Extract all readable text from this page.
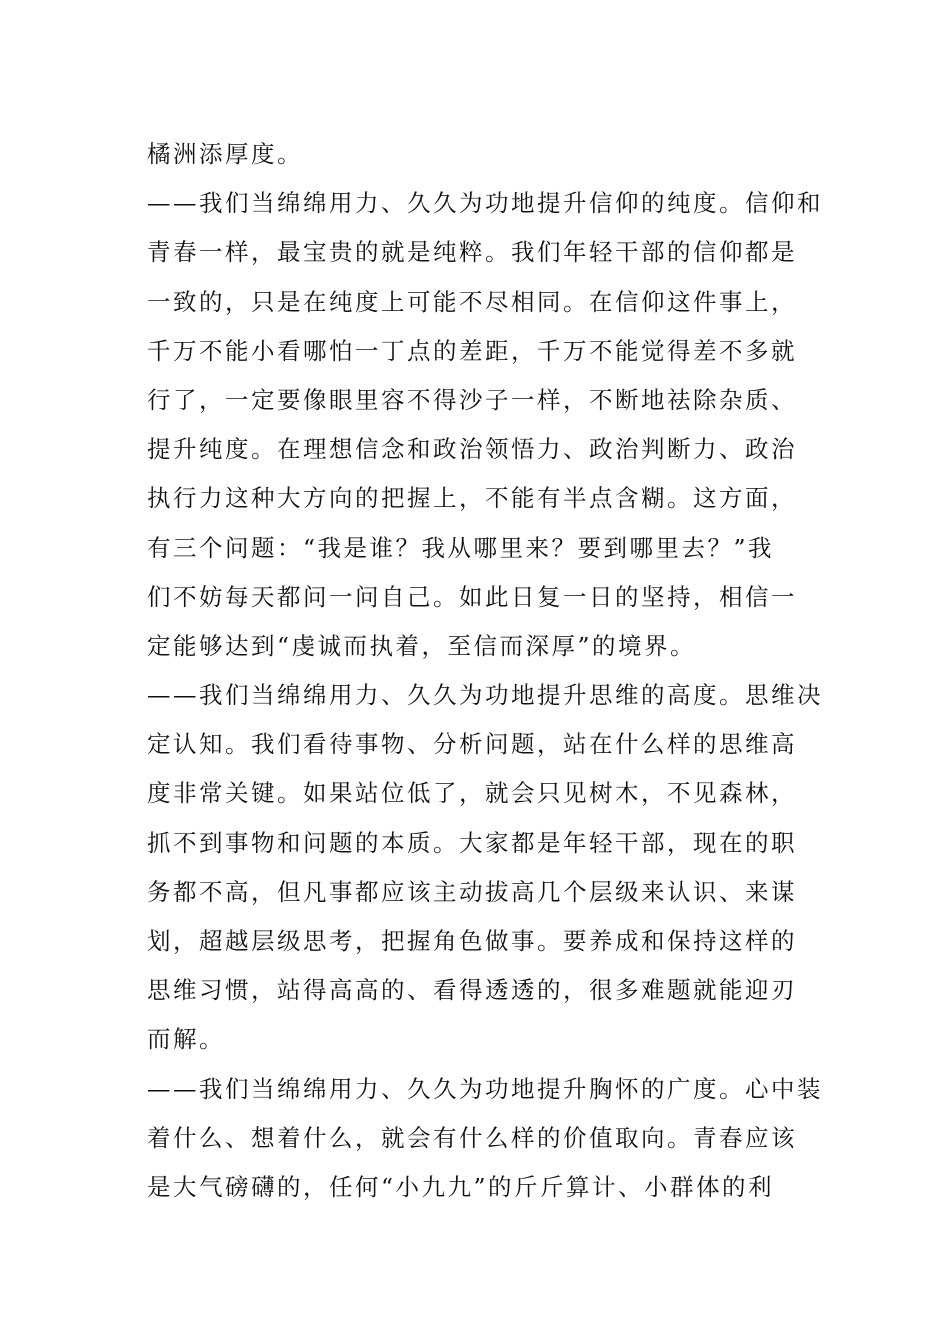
橘洲添厚度。
——我们当绵绵用力、久久为功地提升信仰的纯度。信仰和
青春一样，最宝贵的就是纯粹。我们年轻干部的信仰都是
一致的，只是在纯度上可能不尽相同。在信仰这件事上，
千万不能小看哪怕一丁点的差距，千万不能觉得差不多就
行了，一定要像眼里容不得沙子一样，不断地祛除杂质、
提升纯度。在理想信念和政治领悟力、政治判断力、政治
执行力这种大方向的把握上，不能有半点含糊。这方面，
有三个问题：“我是谁？我从哪里来？要到哪里去？”我
们不妨每天都问一问自己。如此日复一日的坚持，相信一
定能够达到“虔诚而执着，至信而深厚”的境界。
——我们当绵绵用力、久久为功地提升思维的高度。思维决
定认知。我们看待事物、分析问题，站在什么样的思维高
度非常关键。如果站位低了，就会只见树木，不见森林，
抓不到事物和问题的本质。大家都是年轻干部，现在的职
务都不高，但凡事都应该主动拔高几个层级来认识、来谋
划，超越层级思考，把握角色做事。要养成和保持这样的
思维习惯，站得高高的、看得透透的，很多难题就能迎刃
而解。
——我们当绵绵用力、久久为功地提升胸怀的广度。心中装
着什么、想着什么，就会有什么样的价值取向。青春应该
是大气磅礴的，任何“小九九”的斤斤算计、小群体的利
